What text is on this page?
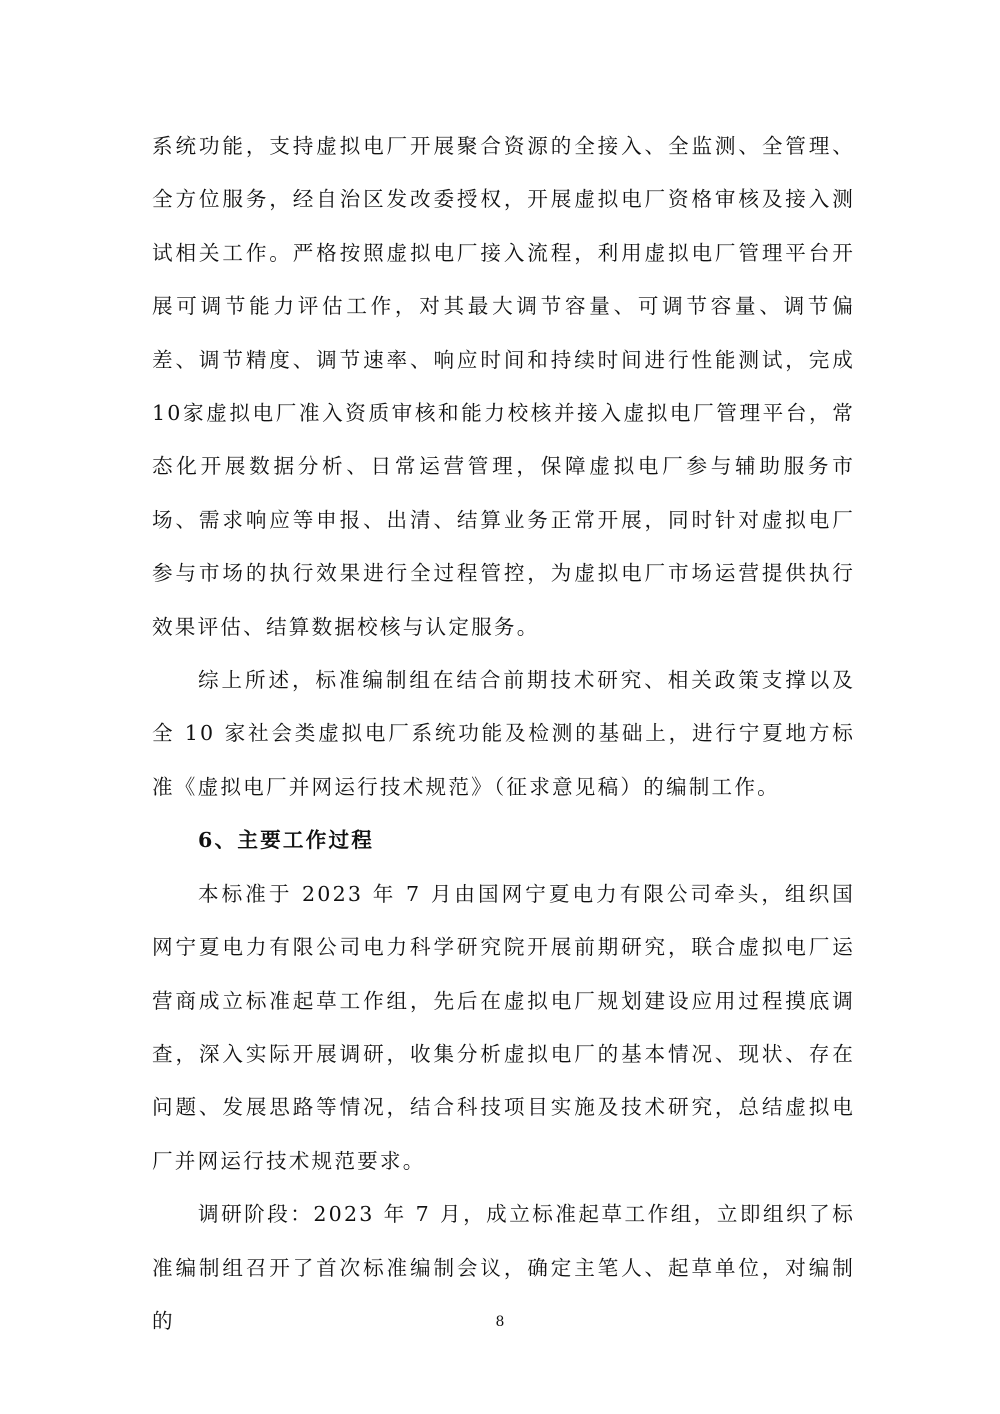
系统功能，支持虚拟电厂开展聚合资源的全接入、全监测、全管理、全方位服务，经自治区发改委授权，开展虚拟电厂资格审核及接入测试相关工作。严格按照虚拟电厂接入流程，利用虚拟电厂管理平台开展可调节能力评估工作，对其最大调节容量、可调节容量、调节偏差、调节精度、调节速率、响应时间和持续时间进行性能测试，完成10家虚拟电厂准入资质审核和能力校核并接入虚拟电厂管理平台，常态化开展数据分析、日常运营管理，保障虚拟电厂参与辅助服务市场、需求响应等申报、出清、结算业务正常开展，同时针对虚拟电厂参与市场的执行效果进行全过程管控，为虚拟电厂市场运营提供执行效果评估、结算数据校核与认定服务。

综上所述，标准编制组在结合前期技术研究、相关政策支撑以及全 10 家社会类虚拟电厂系统功能及检测的基础上，进行宁夏地方标准《虚拟电厂并网运行技术规范》（征求意见稿）的编制工作。

6、主要工作过程

本标准于 2023 年 7 月由国网宁夏电力有限公司牵头，组织国网宁夏电力有限公司电力科学研究院开展前期研究，联合虚拟电厂运营商成立标准起草工作组，先后在虚拟电厂规划建设应用过程摸底调查，深入实际开展调研，收集分析虚拟电厂的基本情况、现状、存在问题、发展思路等情况，结合科技项目实施及技术研究，总结虚拟电厂并网运行技术规范要求。

调研阶段：2023 年 7 月，成立标准起草工作组，立即组织了标准编制组召开了首次标准编制会议，确定主笔人、起草单位，对编制的	8
